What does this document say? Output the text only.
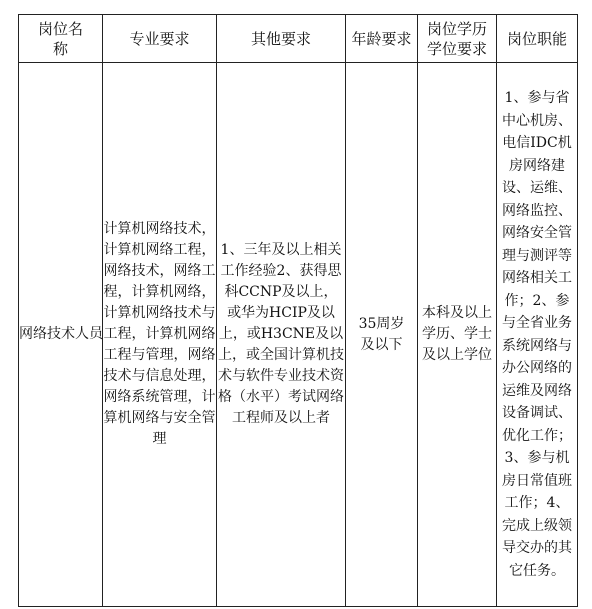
岗位名称	专业要求	其他要求	年龄要求	岗位学历学位要求	岗位职能

网络技术人员	计算机网络技术，计算机网络工程，网络技术，网络工程，计算机网络，计算机网络技术与工程，计算机网络工程与管理，网络技术与信息处理，网络系统管理，计算机网络与安全管理	1、三年及以上相关工作经验2、获得思科CCNP及以上，或华为HCIP及以上，或H3CNE及以上，或全国计算机技术与软件专业技术资格（水平）考试网络工程师及以上者	35周岁及以下	本科及以上学历、学士及以上学位	1、参与省中心机房、电信IDC机房网络建设、运维、网络监控、网络安全管理与测评等网络相关工作；2、参与全省业务系统网络与办公网络的运维及网络设备调试、优化工作；3、参与机房日常值班工作；4、完成上级领导交办的其它任务。
